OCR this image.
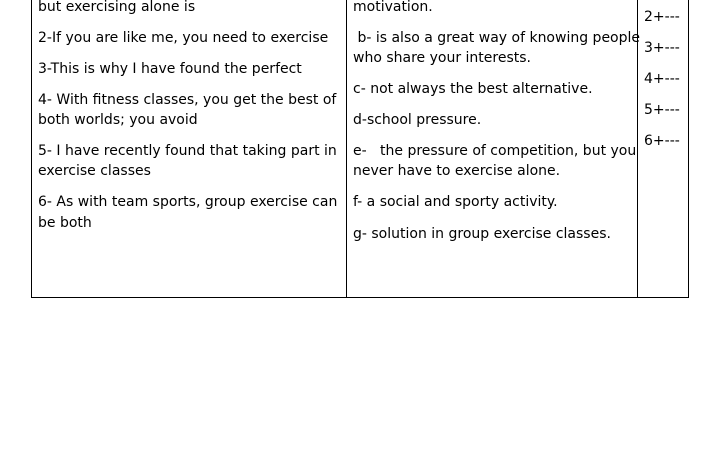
but exercising alone is
2-If you are like me, you need to exercise
3-This is why I have found the perfect
4- With fitness classes, you get the best of
both worlds; you avoid
5- I have recently found that taking part in
exercise classes
6- As with team sports, group exercise can
be both
motivation.
b- is also a great way of knowing people
who share your interests.
c- not always the best alternative.
d-school pressure.
e-   the pressure of competition, but you
never have to exercise alone.
f- a social and sporty activity.
g- solution in group exercise classes.
2+---
3+---
4+---
5+---
6+---
